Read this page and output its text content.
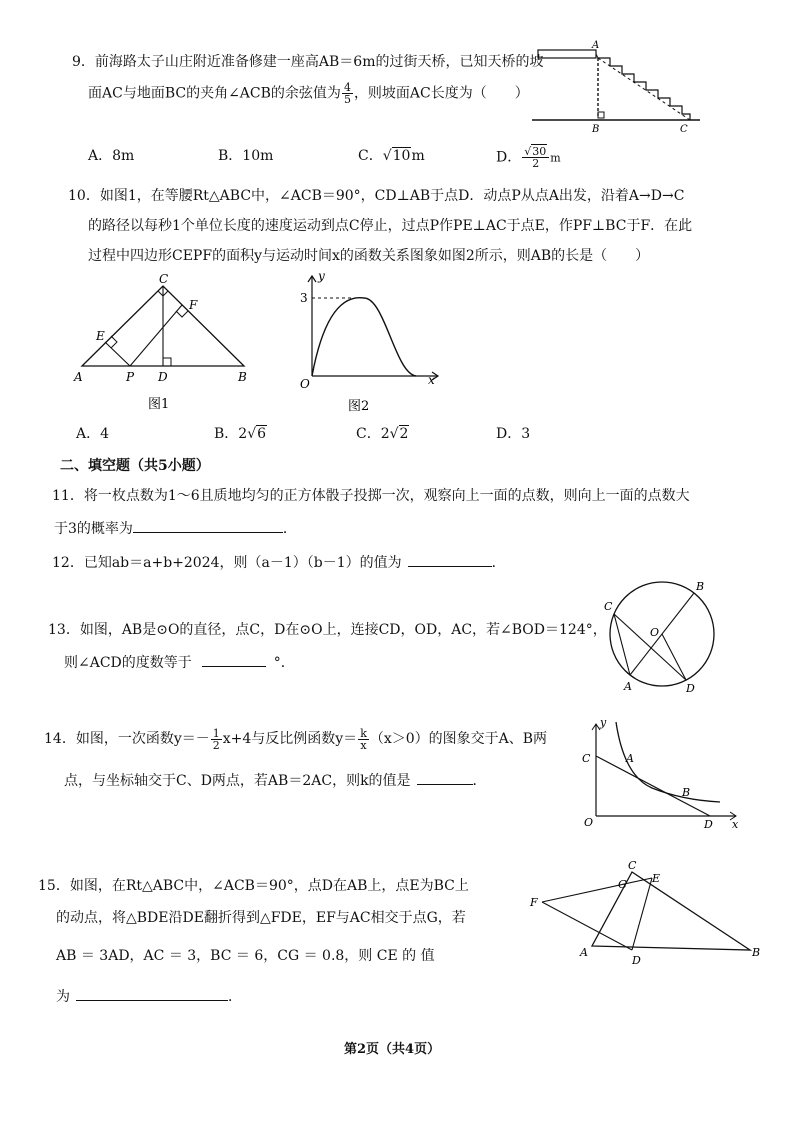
9．前海路太子山庄附近准备修建一座高AB＝6m的过街天桥，已知天桥的坡
面AC与地面BC的夹角∠ACB的余弦值为 $\frac{4}{5}$ ，则坡面AC长度为（　　）
A
B	C
A．8m	B．10m	C．√10m	D． $\frac{√30}{2}$ m
10．如图1，在等腰Rt△ABC中，∠ACB＝90°，CD⊥AB于点D．动点P从点A出发，沿着A→D→C
的路径以每秒1个单位长度的速度运动到点C停止，过点P作PE⊥AC于点E，作PF⊥BC于F．在此
过程中四边形CEPF的面积y与运动时间x的函数关系图象如图2所示，则AB的长是（　　）
C
F
E
A	P D	B
图1
y
x
O
3
图2
A．4	B．2√6	C．2√2	D．3
二、填空题（共5小题）
11．将一枚点数为1～6且质地均匀的正方体骰子投掷一次，观察向上一面的点数，则向上一面的点数大
于3的概率为	．
12．已知ab＝a+b+2024，则（a－1）（b－1）的值为	．
13．如图，AB是⊙O的直径，点C，D在⊙O上，连接CD，OD，AC，若∠BOD＝124°，
则∠ACD的度数等于	°．
B
C
O
A	D
14．如图，一次函数$y=- \frac{1}{2} x+4$与反比例函数$y= \frac{k}{x} (x>0)$的图象交于A、B两
点，与坐标轴交于C、D两点，若AB＝2AC，则k的值是	．
y
C	A
B
O	D x
15．如图，在Rt△ABC中，∠ACB＝90°，点D在AB上，点E为BC上
的动点，将△BDE沿DE翻折得到△FDE，EF与AC相交于点G，若
AB ＝ 3AD，AC ＝ 3，BC ＝ 6，CG ＝ 0.8，则 CE 的 值
为	．
C
G E
F
A
D
B
第2页（共4页）
